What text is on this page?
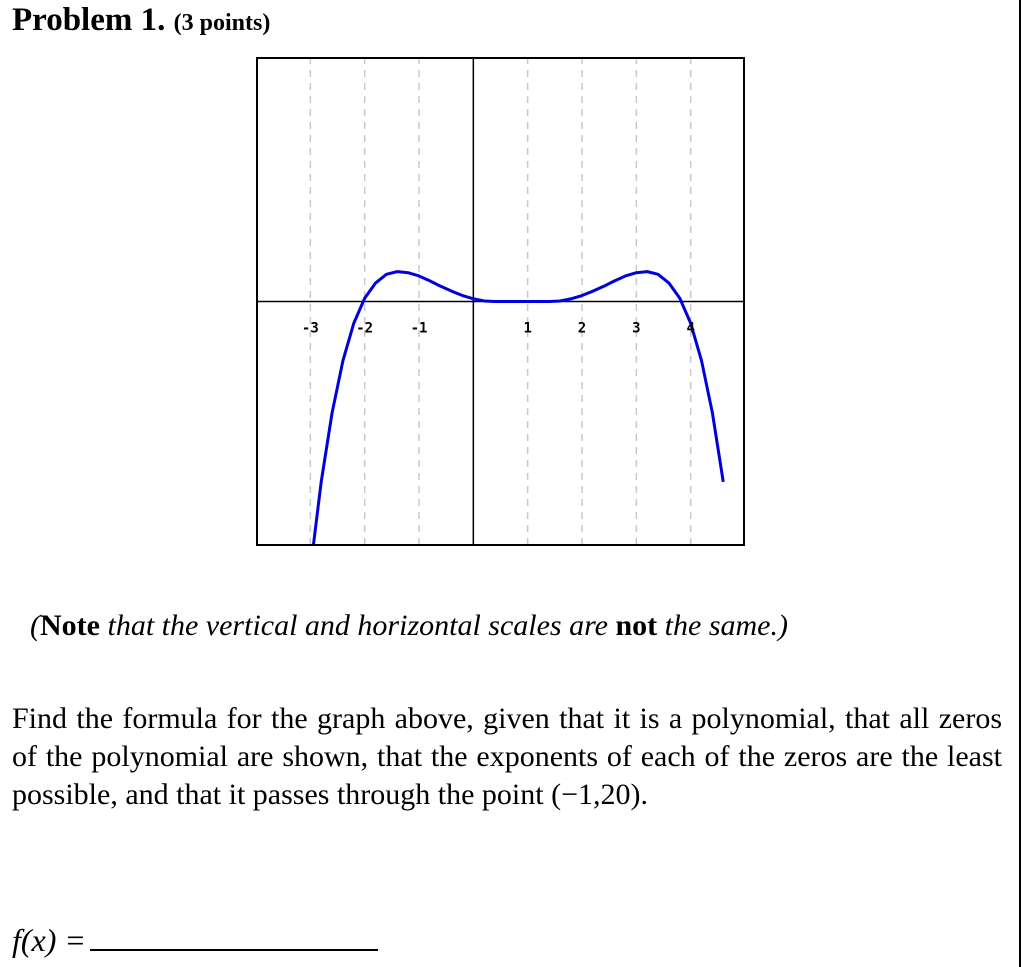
Problem 1. (3 points)
-3	-2	-1	1	2	3	4
(Note that the vertical and horizontal scales are not the same.)
Find the formula for the graph above, given that it is a polynomial, that all zeros of the polynomial are shown, that the exponents of each of the zeros are the least possible, and that it passes through the point (−1,20).
f(x) =
